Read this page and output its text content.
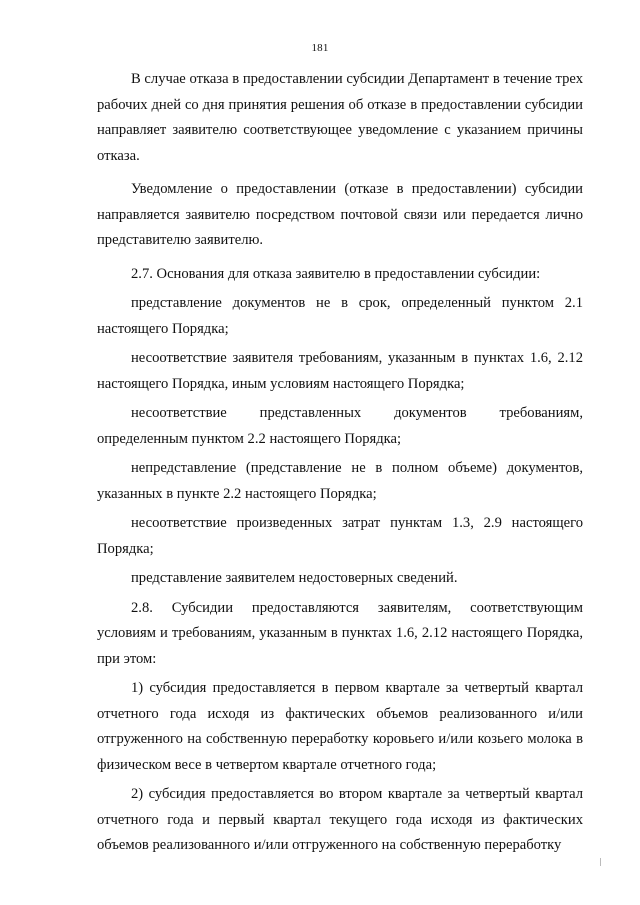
181

В случае отказа в предоставлении субсидии Департамент в течение трех рабочих дней со дня принятия решения об отказе в предоставлении субсидии направляет заявителю соответствующее уведомление с указанием причины отказа.

Уведомление о предоставлении (отказе в предоставлении) субсидии направляется заявителю посредством почтовой связи или передается лично представителю заявителю.

2.7. Основания для отказа заявителю в предоставлении субсидии:

представление документов не в срок, определенный пунктом 2.1 настоящего Порядка;

несоответствие заявителя требованиям, указанным в пунктах 1.6, 2.12 настоящего Порядка, иным условиям настоящего Порядка;

несоответствие представленных документов требованиям, определенным пунктом 2.2 настоящего Порядка;

непредставление (представление не в полном объеме) документов, указанных в пункте 2.2 настоящего Порядка;

несоответствие произведенных затрат пунктам 1.3, 2.9 настоящего Порядка;

представление заявителем недостоверных сведений.

2.8. Субсидии предоставляются заявителям, соответствующим условиям и требованиям, указанным в пунктах 1.6, 2.12 настоящего Порядка, при этом:

1) субсидия предоставляется в первом квартале за четвертый квартал отчетного года исходя из фактических объемов реализованного и/или отгруженного на собственную переработку коровьего и/или козьего молока в физическом весе в четвертом квартале отчетного года;

2) субсидия предоставляется во втором квартале за четвертый квартал отчетного года и первый квартал текущего года исходя из фактических объемов реализованного и/или отгруженного на собственную переработку
